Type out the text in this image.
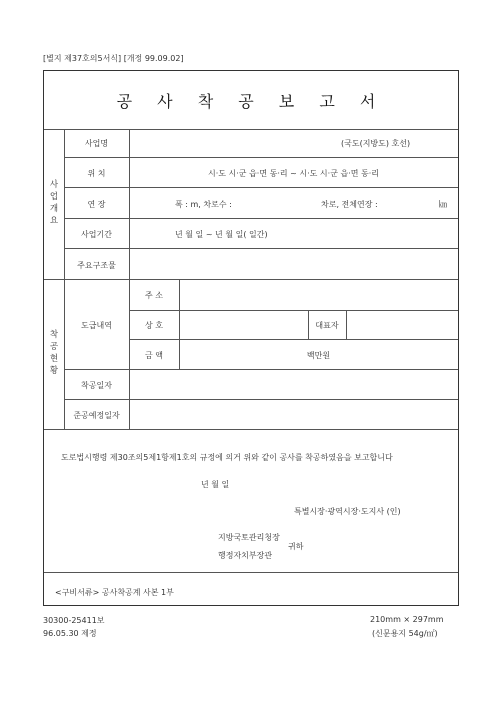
[별지 제37호의5서식] [개정 99.09.02]
공 사 착 공 보 고 서
사
업
개
요
사업명	(국도(지방도) 호선)
위 치	시·도 시·군 읍·면 동·리 ~ 시·도 시·군 읍·면 동·리
연 장	폭 : m, 차로수 :	차로, 전체연장 :	㎞
사업기간	년 월 일 ~ 년 월 일( 일간)
주요구조물
착
공
현
황
도급내역
주 소
상 호	대표자
금 액	백만원
착공일자
준공예정일자
도로법시행령 제30조의5제1항제1호의 규정에 의거 위와 같이 공사를 착공하였음을 보고합니다
년 월 일
특별시장·광역시장·도지사 (인)
지방국토관리청장
행정자치부장관
귀하
<구비서류> 공사착공계 사본 1부
30300-25411보	210mm × 297mm
96.05.30 제정	(신문용지 54g/㎡)
